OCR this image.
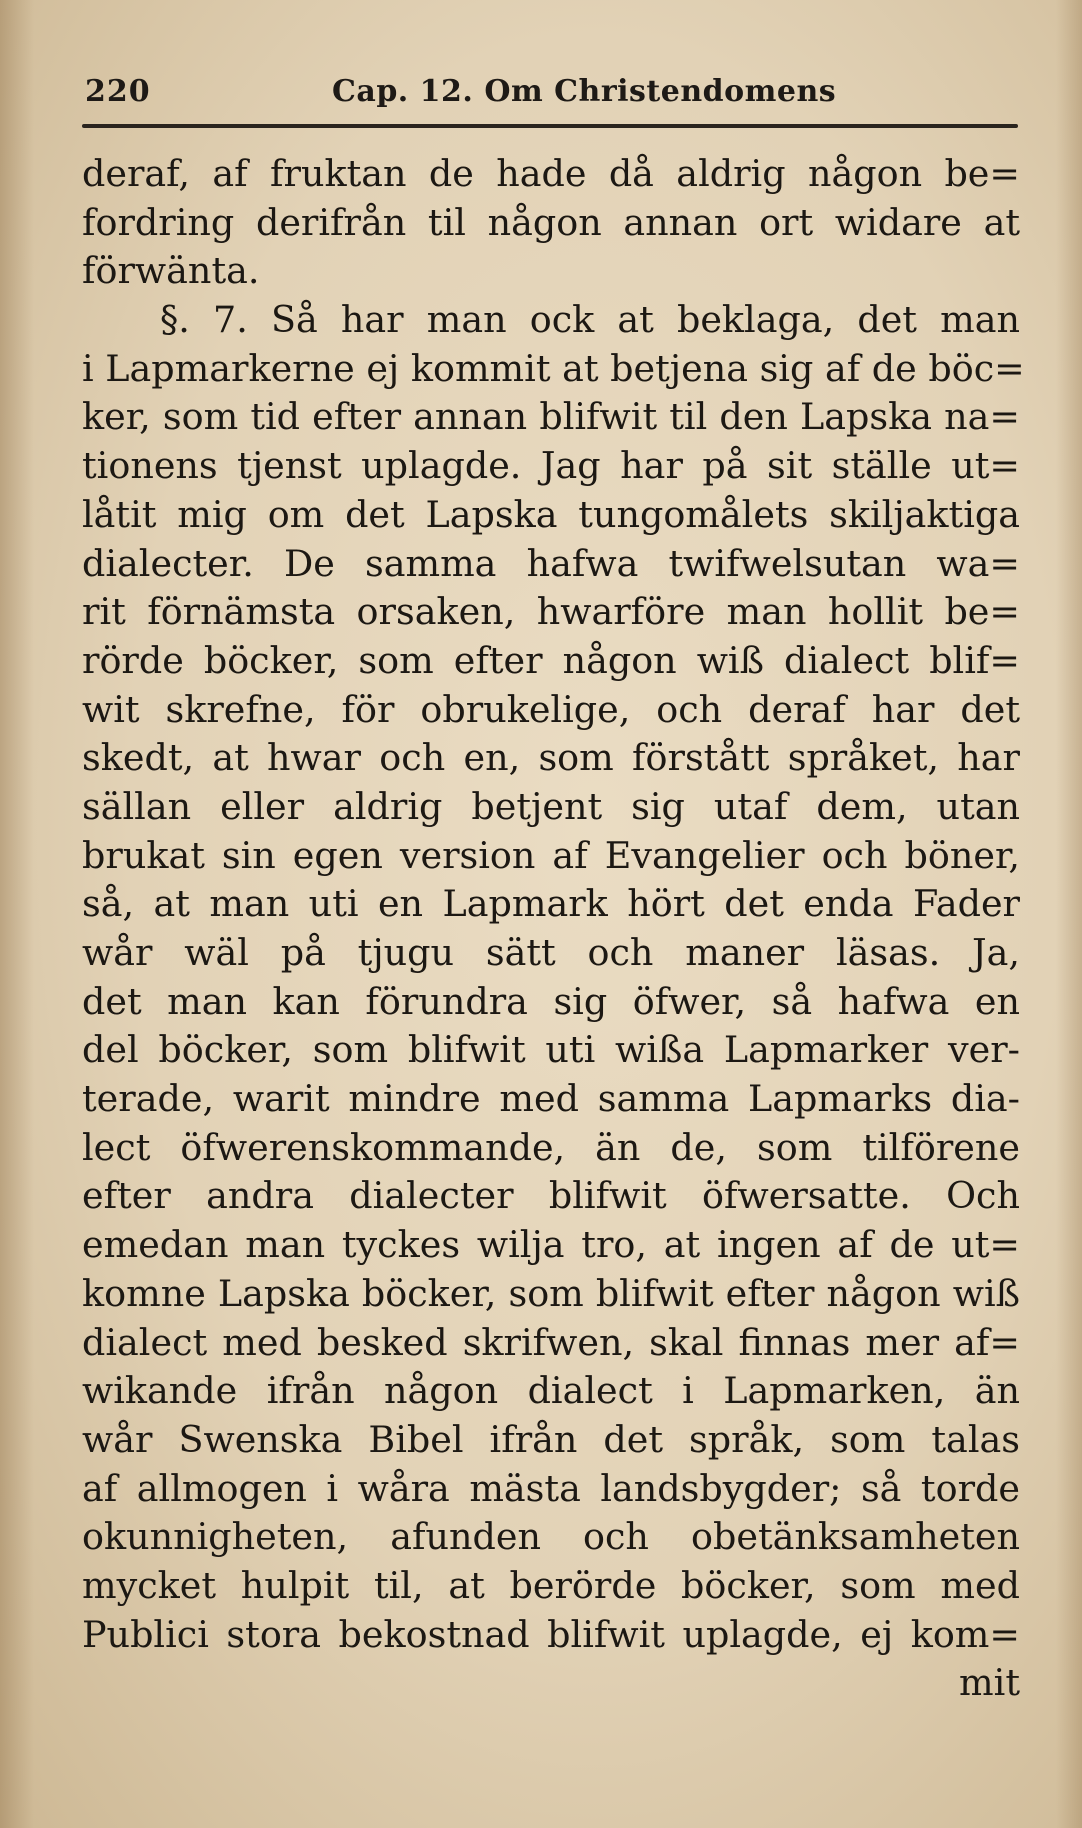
220	Cap. 12. Om Christendomens
deraf, af fruktan de hade då aldrig någon be=
fordring derifrån til någon annan ort widare at
förwänta.
§. 7. Så har man ock at beklaga, det man
i Lapmarkerne ej kommit at betjena sig af de böc=
ker, som tid efter annan blifwit til den Lapska na=
tionens tjenst uplagde. Jag har på sit ställe ut=
låtit mig om det Lapska tungomålets skiljaktiga
dialecter. De samma hafwa twifwelsutan wa=
rit förnämsta orsaken, hwarföre man hollit be=
rörde böcker, som efter någon wiß dialect blif=
wit skrefne, för obrukelige, och deraf har det
skedt, at hwar och en, som förstått språket, har
sällan eller aldrig betjent sig utaf dem, utan
brukat sin egen version af Evangelier och böner,
så, at man uti en Lapmark hört det enda Fader
wår wäl på tjugu sätt och maner läsas. Ja,
det man kan förundra sig öfwer, så hafwa en
del böcker, som blifwit uti wißa Lapmarker ver-
terade, warit mindre med samma Lapmarks dia-
lect öfwerenskommande, än de, som tilförene
efter andra dialecter blifwit öfwersatte. Och
emedan man tyckes wilja tro, at ingen af de ut=
komne Lapska böcker, som blifwit efter någon wiß
dialect med besked skrifwen, skal finnas mer af=
wikande ifrån någon dialect i Lapmarken, än
wår Swenska Bibel ifrån det språk, som talas
af allmogen i wåra mästa landsbygder; så torde
okunnigheten, afunden och obetänksamheten
mycket hulpit til, at berörde böcker, som med
Publici stora bekostnad blifwit uplagde, ej kom=
mit
